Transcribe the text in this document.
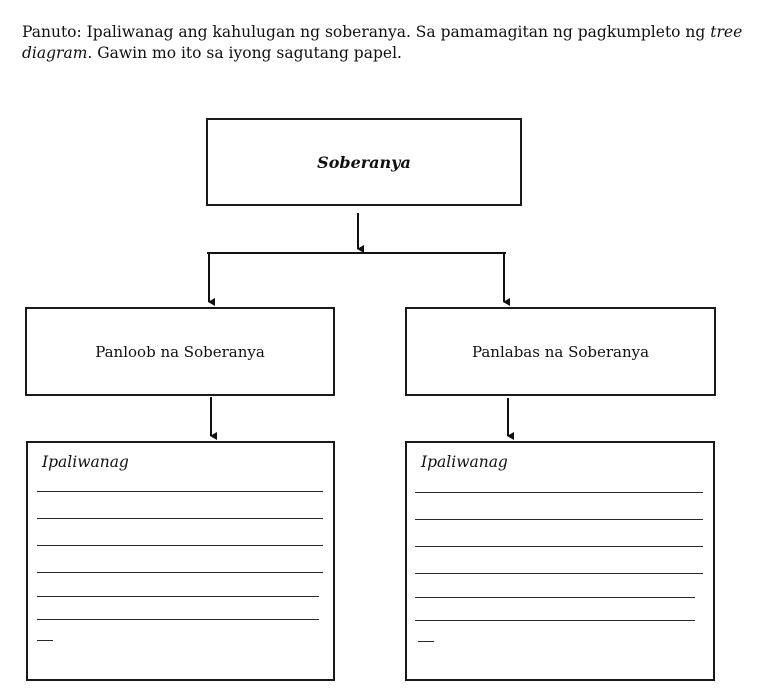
Panuto: Ipaliwanag ang kahulugan ng soberanya. Sa pamamagitan ng pagkumpleto ng tree diagram. Gawin mo ito sa iyong sagutang papel.

Soberanya
Panloob na Soberanya	Panlabas na Soberanya
Ipaliwanag	Ipaliwanag
